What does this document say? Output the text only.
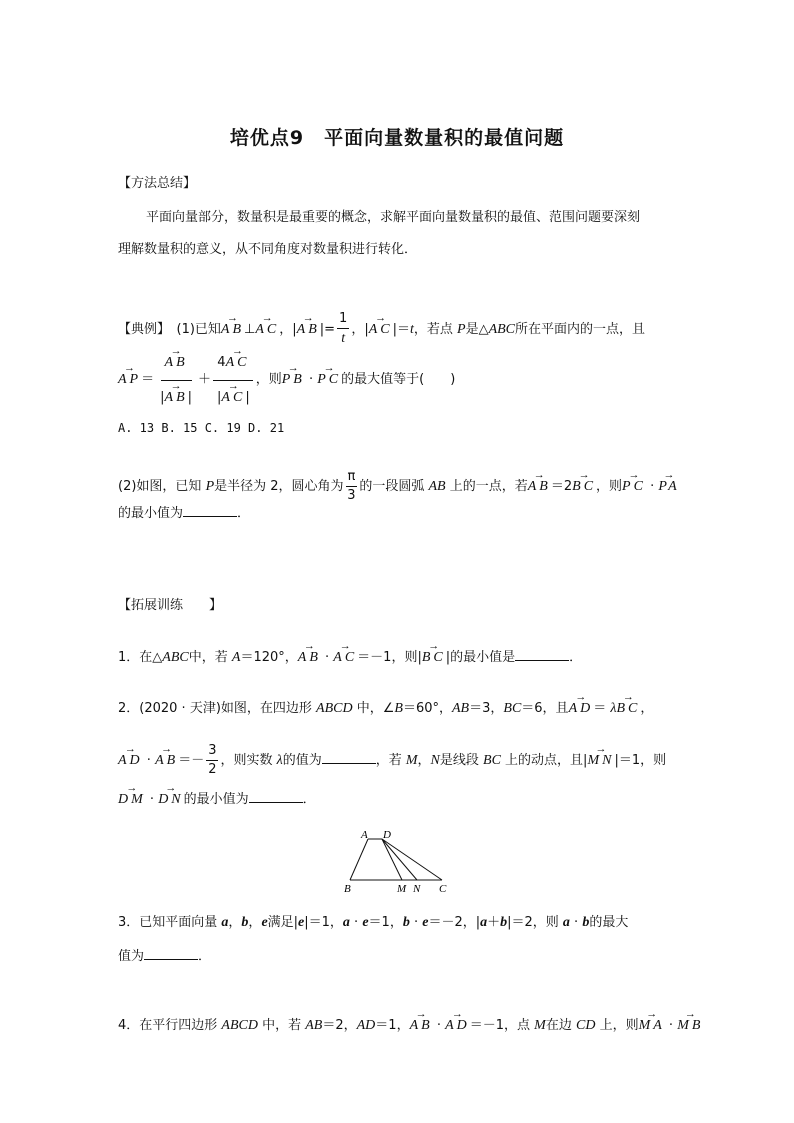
培优点9　平面向量数量积的最值问题
【方法总结】
平面向量部分，数量积是最重要的概念，求解平面向量数量积的最值、范围问题要深刻
理解数量积的意义，从不同角度对数量积进行转化．
【典例】　(1)已知→ AB⊥→ AC，|→ $AB|= \frac{1}{t}$ ，|→ AC|＝t，若点 P是△ABC所在平面内的一点，且
→ $AP= \to \frac{AB}{|\to AB|} + \frac{4\to AC}{|\to AC|}$ ，则→ PB · → PC的最大值等于(　　)
A. 13 B. 15 C. 19 D. 21
(2)如图，已知 P是半径为 2，圆心角为 $\frac{\pi}{3}$ 的一段圆弧 AB 上的一点，若→ AB＝2→ BC，则→ PC · → PA
的最小值为	．
【拓展训练　　】
1．在△ABC中，若 A＝120°，→ AB · → AC＝－1，则|→ BC|的最小值是	．
2．(2020 · 天津)如图，在四边形 ABCD 中，∠B＝60°，AB＝3，BC＝6，且→ AD＝ λ→ BC，
→ AD · → $AB=- \frac{3}{2}$ ，则实数 λ的值为	，若 M，N是线段 BC 上的动点，且|→ MN|＝1，则
→ DM · → DN的最小值为	．
3．已知平面向量 a，b，e满足|e|＝1，a · e＝1，b · e＝－2，|a＋b|＝2，则 a · b的最大
值为	．
4．在平行四边形 ABCD 中，若 AB＝2，AD＝1，→ AB · → AD＝－1，点 M在边 CD 上，则→ MA · → MB
A D
B	M N C
